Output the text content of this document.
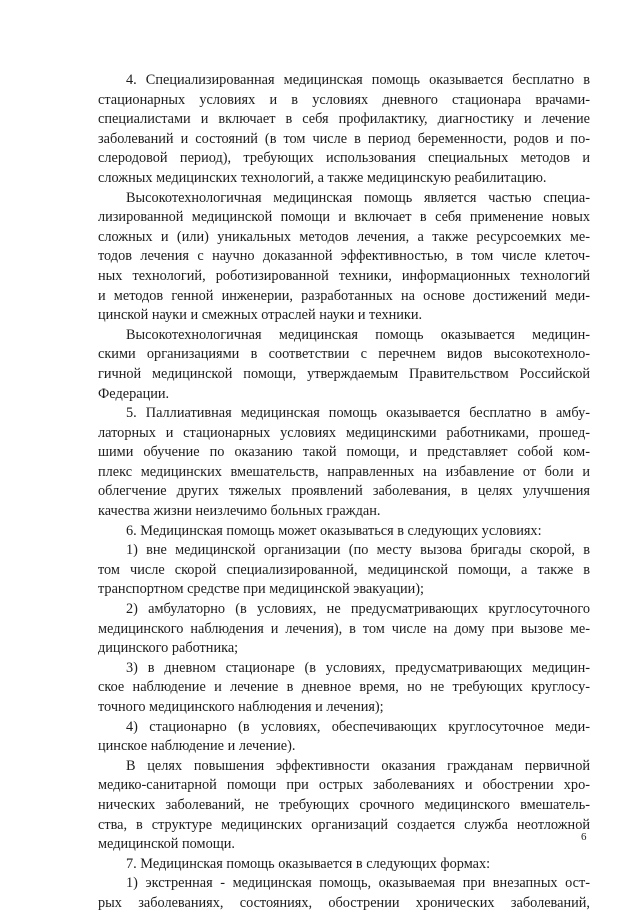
4. Специализированная медицинская помощь оказывается бесплатно в
стационарных условиях и в условиях дневного стационара врачами-
специалистами и включает в себя профилактику, диагностику и лечение
заболеваний и состояний (в том числе в период беременности, родов и по-
слеродовой период), требующих использования специальных методов и
сложных медицинских технологий, а также медицинскую реабилитацию.
Высокотехнологичная медицинская помощь является частью специа-
лизированной медицинской помощи и включает в себя применение новых
сложных и (или) уникальных методов лечения, а также ресурсоемких ме-
тодов лечения с научно доказанной эффективностью, в том числе клеточ-
ных технологий, роботизированной техники, информационных технологий
и методов генной инженерии, разработанных на основе достижений меди-
цинской науки и смежных отраслей науки и техники.
Высокотехнологичная медицинская помощь оказывается медицин-
скими организациями в соответствии с перечнем видов высокотехноло-
гичной медицинской помощи, утверждаемым Правительством Российской
Федерации.
5. Паллиативная медицинская помощь оказывается бесплатно в амбу-
латорных и стационарных условиях медицинскими работниками, прошед-
шими обучение по оказанию такой помощи, и представляет собой ком-
плекс медицинских вмешательств, направленных на избавление от боли и
облегчение других тяжелых проявлений заболевания, в целях улучшения
качества жизни неизлечимо больных граждан.
6. Медицинская помощь может оказываться в следующих условиях:
1) вне медицинской организации (по месту вызова бригады скорой, в
том числе скорой специализированной, медицинской помощи, а также в
транспортном средстве при медицинской эвакуации);
2) амбулаторно (в условиях, не предусматривающих круглосуточного
медицинского наблюдения и лечения), в том числе на дому при вызове ме-
дицинского работника;
3) в дневном стационаре (в условиях, предусматривающих медицин-
ское наблюдение и лечение в дневное время, но не требующих круглосу-
точного медицинского наблюдения и лечения);
4) стационарно (в условиях, обеспечивающих круглосуточное меди-
цинское наблюдение и лечение).
В целях повышения эффективности оказания гражданам первичной
медико-санитарной помощи при острых заболеваниях и обострении хро-
нических заболеваний, не требующих срочного медицинского вмешатель-
ства, в структуре медицинских организаций создается служба неотложной
медицинской помощи.
7. Медицинская помощь оказывается в следующих формах:
1) экстренная - медицинская помощь, оказываемая при внезапных ост-
рых заболеваниях, состояниях, обострении хронических заболеваний,
6
